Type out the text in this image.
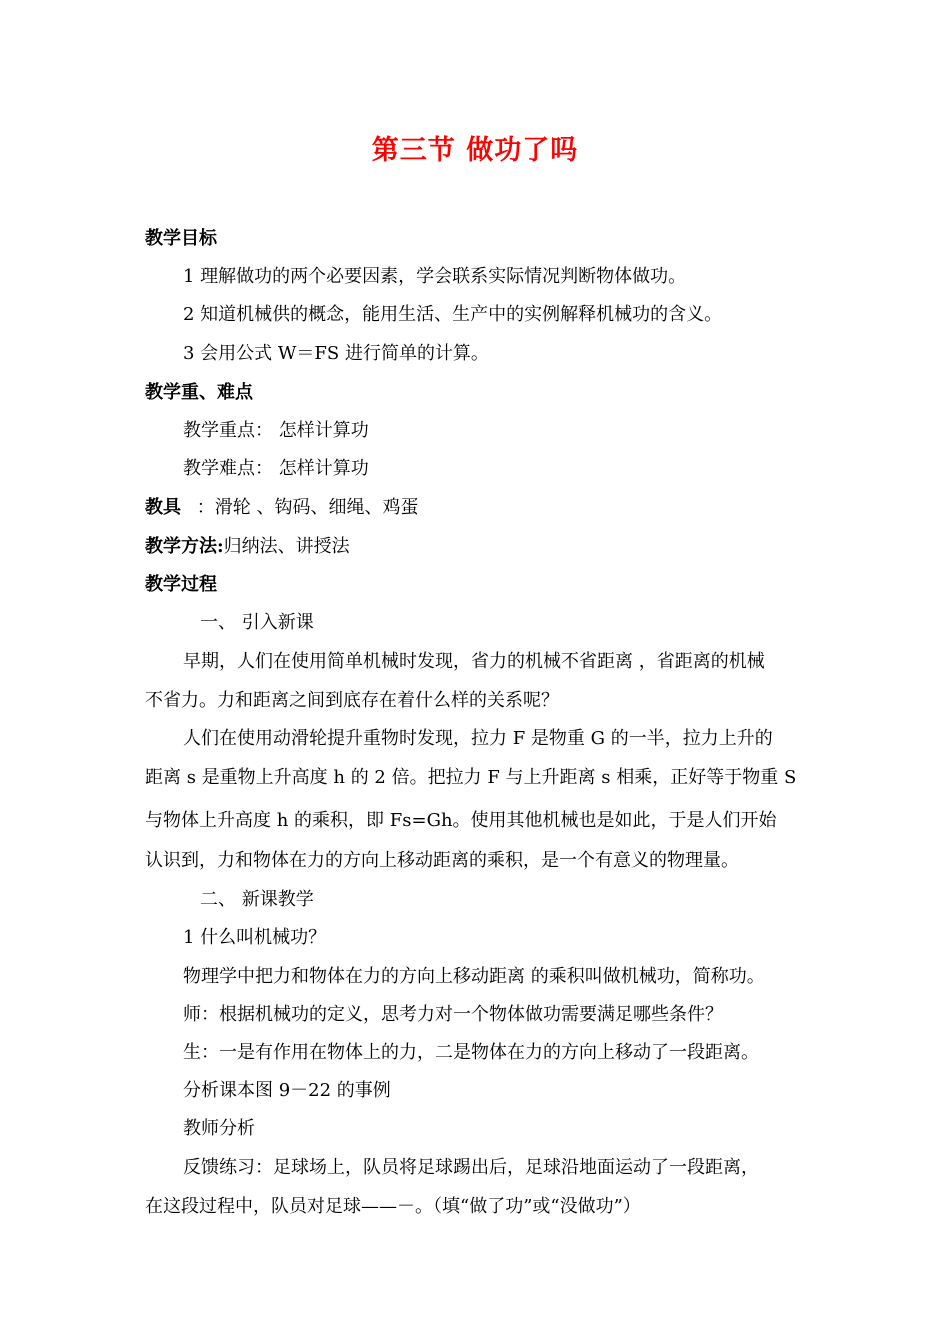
第三节 做功了吗
教学目标
1 理解做功的两个必要因素，学会联系实际情况判断物体做功。
2 知道机械供的概念，能用生活、生产中的实例解释机械功的含义。
3 会用公式 W＝FS 进行简单的计算。
教学重、难点
教学重点： 怎样计算功
教学难点： 怎样计算功
教具 ：滑轮 、钩码、细绳、鸡蛋
教学方法:归纳法、讲授法
教学过程
一、 引入新课
早期，人们在使用简单机械时发现，省力的机械不省距离 ，省距离的机械
不省力。力和距离之间到底存在着什么样的关系呢？
人们在使用动滑轮提升重物时发现，拉力 F 是物重 G 的一半，拉力上升的
距离 s 是重物上升高度 h 的 2 倍。把拉力 F 与上升距离 s 相乘，正好等于物重 S
与物体上升高度 h 的乘积，即 Fs=Gh。使用其他机械也是如此，于是人们开始
认识到，力和物体在力的方向上移动距离的乘积，是一个有意义的物理量。
二、 新课教学
1 什么叫机械功？
物理学中把力和物体在力的方向上移动距离 的乘积叫做机械功，简称功。
师：根据机械功的定义，思考力对一个物体做功需要满足哪些条件？
生：一是有作用在物体上的力，二是物体在力的方向上移动了一段距离。
分析课本图 9－22 的事例
教师分析
反馈练习：足球场上，队员将足球踢出后，足球沿地面运动了一段距离，
在这段过程中，队员对足球——－。（填“做了功”或“没做功”）
